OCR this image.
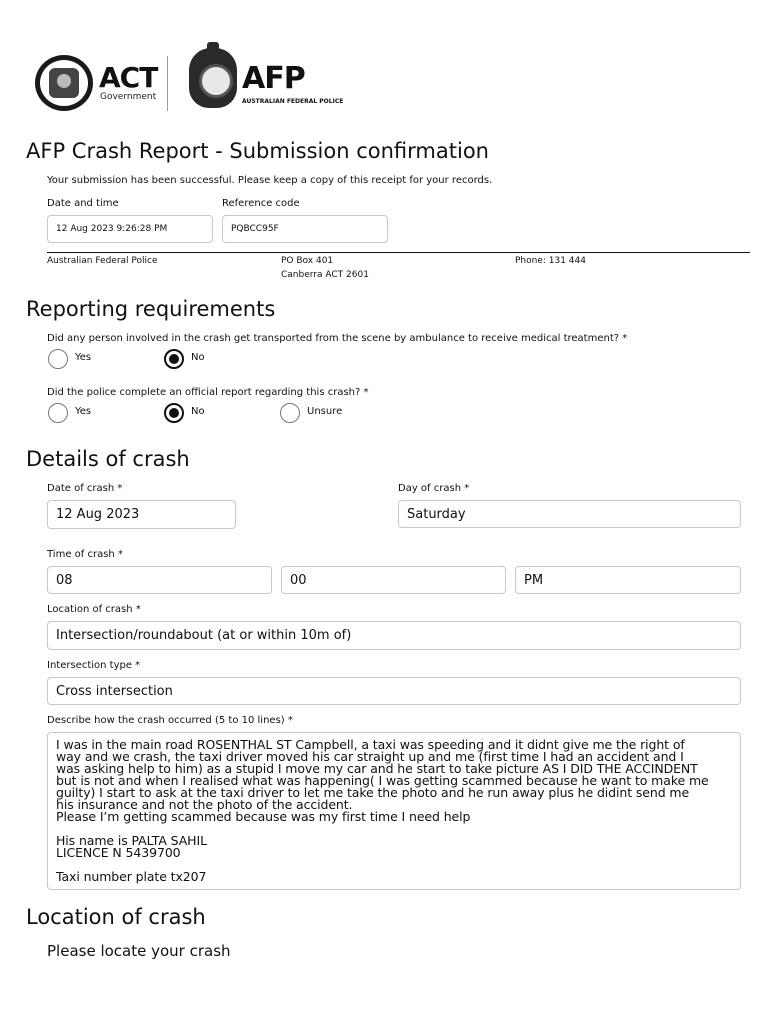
ACT
Government
AFP
AUSTRALIAN FEDERAL POLICE
AFP Crash Report - Submission confirmation
Your submission has been successful. Please keep a copy of this receipt for your records.
Date and time
12 Aug 2023 9:26:28 PM
Reference code
PQBCC95F
Australian Federal Police	PO Box 401
Canberra ACT 2601
Phone: 131 444
Reporting requirements
Did any person involved in the crash get transported from the scene by ambulance to receive medical treatment? *
Yes	No
Did the police complete an official report regarding this crash? *
Yes	No	Unsure
Details of crash
Date of crash *
12 Aug 2023
Day of crash *
Saturday
Time of crash *
08	00	PM
Location of crash *
Intersection/roundabout (at or within 10m of)
Intersection type *
Cross intersection
Describe how the crash occurred (5 to 10 lines) *
I was in the main road ROSENTHAL ST Campbell, a taxi was speeding and it didnt give me the right of
way and we crash, the taxi driver moved his car straight up and me (first time I had an accident and I
was asking help to him) as a stupid I move my car and he start to take picture AS I DID THE ACCINDENT
but is not and when I realised what was happening( I was getting scammed because he want to make me
guilty) I start to ask at the taxi driver to let me take the photo and he run away plus he didint send me
his insurance and not the photo of the accident.
Please I’m getting scammed because was my first time I need help

His name is PALTA SAHIL
LICENCE N 5439700

Taxi number plate tx207
Location of crash
Please locate your crash
